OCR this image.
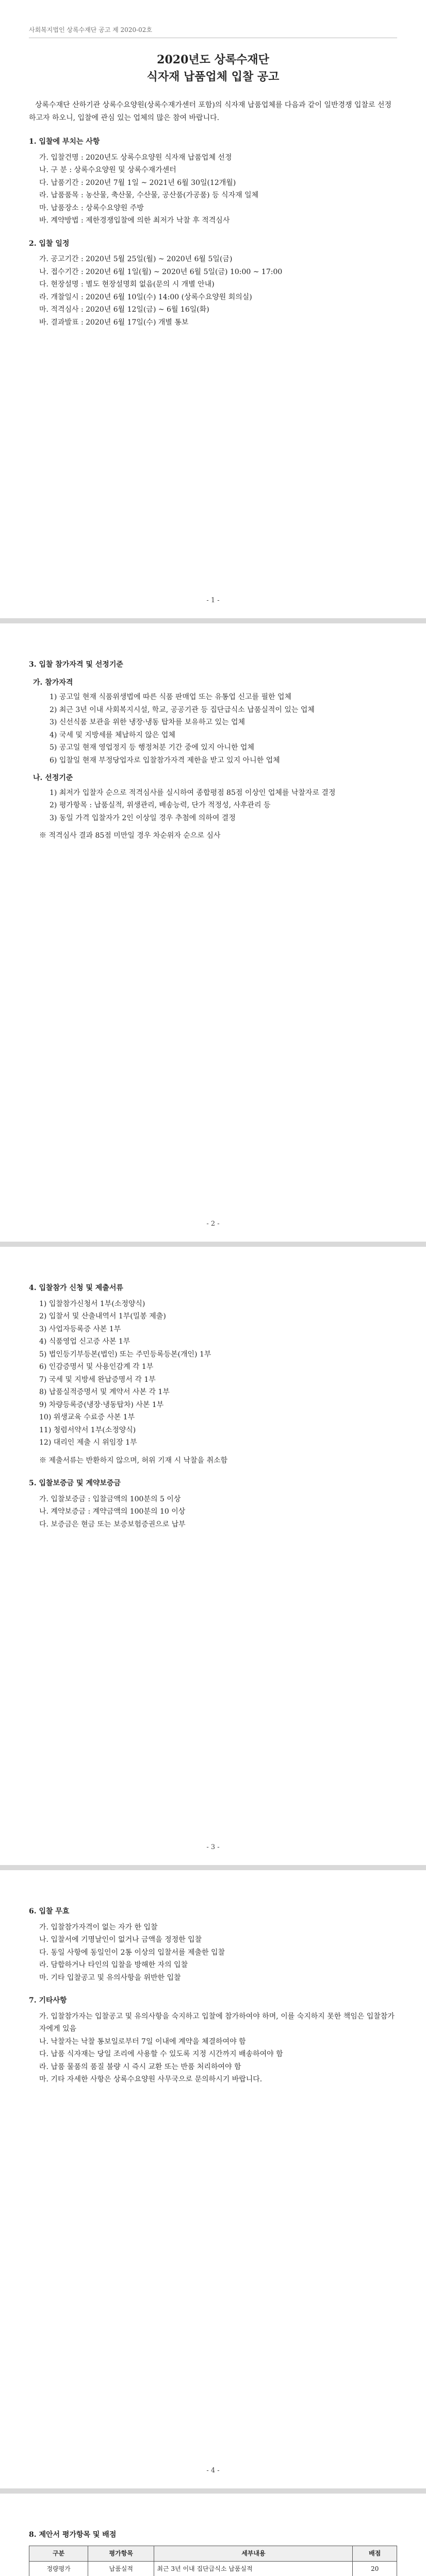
사회복지법인 상록수재단 공고 제 2020-02호
2020년도 상록수재단
식자재 납품업체 입찰 공고
상록수재단 산하기관 상록수요양원(상록수재가센터 포함)의 식자재 납품업체를 다음과 같이 일반경쟁 입찰로 선정하고자 하오니, 입찰에 관심 있는 업체의 많은 참여 바랍니다.
1. 입찰에 부치는 사항
가. 입찰건명 : 2020년도 상록수요양원 식자재 납품업체 선정
나. 구 분 : 상록수요양원 및 상록수재가센터
다. 납품기간 : 2020년 7월 1일 ~ 2021년 6월 30일(12개월)
라. 납품품목 : 농산물, 축산물, 수산물, 공산품(가공품) 등 식자재 일체
마. 납품장소 : 상록수요양원 주방
바. 계약방법 : 제한경쟁입찰에 의한 최저가 낙찰 후 적격심사
2. 입찰 일정
가. 공고기간 : 2020년 5월 25일(월) ~ 2020년 6월 5일(금)
나. 접수기간 : 2020년 6월 1일(월) ~ 2020년 6월 5일(금) 10:00 ~ 17:00
다. 현장설명 : 별도 현장설명회 없음(문의 시 개별 안내)
라. 개찰일시 : 2020년 6월 10일(수) 14:00 (상록수요양원 회의실)
마. 적격심사 : 2020년 6월 12일(금) ~ 6월 16일(화)
바. 결과발표 : 2020년 6월 17일(수) 개별 통보
- 1 -
3. 입찰 참가자격 및 선정기준
가. 참가자격
1) 공고일 현재 식품위생법에 따른 식품 판매업 또는 유통업 신고를 필한 업체
2) 최근 3년 이내 사회복지시설, 학교, 공공기관 등 집단급식소 납품실적이 있는 업체
3) 신선식품 보관을 위한 냉장·냉동 탑차를 보유하고 있는 업체
4) 국세 및 지방세를 체납하지 않은 업체
5) 공고일 현재 영업정지 등 행정처분 기간 중에 있지 아니한 업체
6) 입찰일 현재 부정당업자로 입찰참가자격 제한을 받고 있지 아니한 업체
나. 선정기준
1) 최저가 입찰자 순으로 적격심사를 실시하여 종합평점 85점 이상인 업체를 낙찰자로 결정
2) 평가항목 : 납품실적, 위생관리, 배송능력, 단가 적정성, 사후관리 등
3) 동일 가격 입찰자가 2인 이상일 경우 추첨에 의하여 결정
※ 적격심사 결과 85점 미만일 경우 차순위자 순으로 심사
- 2 -
4. 입찰참가 신청 및 제출서류
1) 입찰참가신청서 1부(소정양식)
2) 입찰서 및 산출내역서 1부(밀봉 제출)
3) 사업자등록증 사본 1부
4) 식품영업 신고증 사본 1부
5) 법인등기부등본(법인) 또는 주민등록등본(개인) 1부
6) 인감증명서 및 사용인감계 각 1부
7) 국세 및 지방세 완납증명서 각 1부
8) 납품실적증명서 및 계약서 사본 각 1부
9) 차량등록증(냉장·냉동탑차) 사본 1부
10) 위생교육 수료증 사본 1부
11) 청렴서약서 1부(소정양식)
12) 대리인 제출 시 위임장 1부
※ 제출서류는 반환하지 않으며, 허위 기재 시 낙찰을 취소함
5. 입찰보증금 및 계약보증금
가. 입찰보증금 : 입찰금액의 100분의 5 이상
나. 계약보증금 : 계약금액의 100분의 10 이상
다. 보증금은 현금 또는 보증보험증권으로 납부
- 3 -
6. 입찰 무효
가. 입찰참가자격이 없는 자가 한 입찰
나. 입찰서에 기명날인이 없거나 금액을 정정한 입찰
다. 동일 사항에 동일인이 2통 이상의 입찰서를 제출한 입찰
라. 담합하거나 타인의 입찰을 방해한 자의 입찰
마. 기타 입찰공고 및 유의사항을 위반한 입찰
7. 기타사항
가. 입찰참가자는 입찰공고 및 유의사항을 숙지하고 입찰에 참가하여야 하며, 이를 숙지하지 못한 책임은 입찰참가자에게 있음
나. 낙찰자는 낙찰 통보일로부터 7일 이내에 계약을 체결하여야 함
다. 납품 식자재는 당일 조리에 사용할 수 있도록 지정 시간까지 배송하여야 함
라. 납품 물품의 품질 불량 시 즉시 교환 또는 반품 처리하여야 함
마. 기타 자세한 사항은 상록수요양원 사무국으로 문의하시기 바랍니다.
- 4 -
8. 제안서 평가항목 및 배점
구분	평가항목	세부내용	배점
정량평가	납품실적	최근 3년 이내 집단급식소 납품실적	20
